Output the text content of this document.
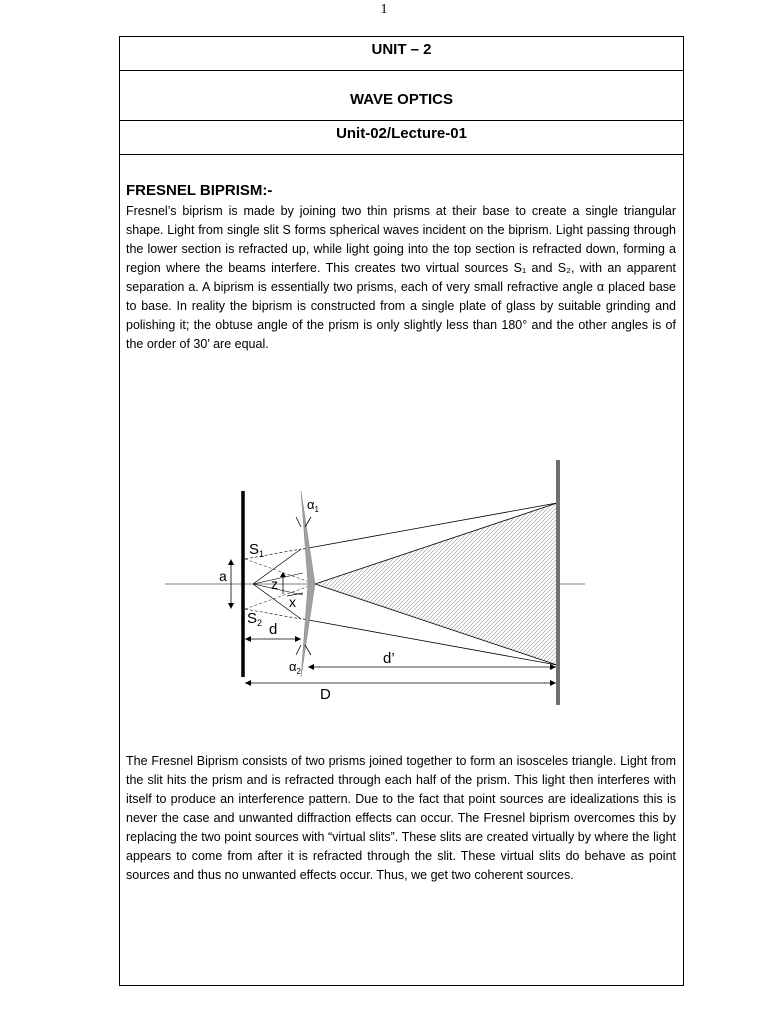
1
UNIT – 2
WAVE OPTICS
Unit-02/Lecture-01
FRESNEL BIPRISM:-

Fresnel’s biprism is made by joining two thin prisms at their base to create a single triangular shape. Light from single slit S forms spherical waves incident on the biprism. Light passing through the lower section is refracted up, while light going into the top section is refracted down, forming a region where the beams interfere. This creates two virtual sources S₁ and S₂, with an apparent separation a. A biprism is essentially two prisms, each of very small refractive angle α placed base to base. In reality the biprism is constructed from a single plate of glass by suitable grinding and polishing it; the obtuse angle of the prism is only slightly less than 180° and the other angles is of the order of 30’ are equal.

$\alpha_1$
$S_1$
a	z
x
$S_2$ d
$\alpha_2$
d’
D

The Fresnel Biprism consists of two prisms joined together to form an isosceles triangle. Light from the slit hits the prism and is refracted through each half of the prism. This light then interferes with itself to produce an interference pattern. Due to the fact that point sources are idealizations this is never the case and unwanted diffraction effects can occur. The Fresnel biprism overcomes this by replacing the two point sources with “virtual slits”. These slits are created virtually by where the light appears to come from after it is refracted through the slit. These virtual slits do behave as point sources and thus no unwanted effects occur. Thus, we get two coherent sources.
